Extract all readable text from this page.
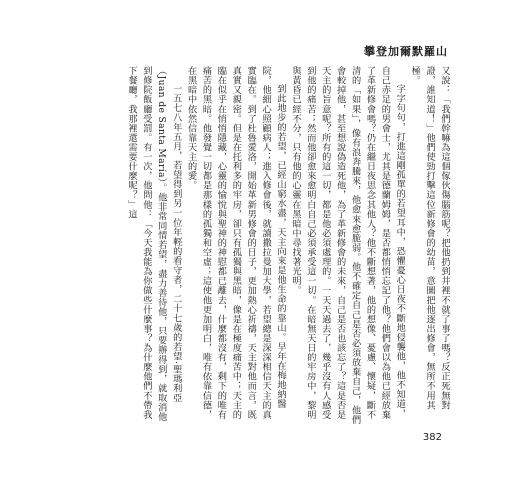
攀登加爾默羅山

又說：「我們幹嘛為這個傢伙傷腦筋呢？把他扔到井裡不就了事了嗎？反正死無對證，誰知道！」他們使勁打擊這位新修會的幼苗，意圖把他逐出修會，無所不用其極。

字字句句，打進這剛孤單的若望耳中，恐懼憂心日夜不斷地侵襲他，他不知道，自己赤足的男會士，尤其是德蘭姆姆，是否都悄悄忘記了他？他們會以為他已經放棄了革新修會嗎？仍在繼日夜思念其他人？他不斷想著，他的想像、憂慮、懷疑，斷不清的「如果」，像有浪奔騰來，他愈來愈脆弱。他不確定自己是否必須放棄自己，他們會較掉他，甚至想說偽造死他，為了革新修會的未來，自己是否也該忘了？這是否是天主的旨意呢？所有的這一切，都是他必須處理的。一天天過去了，幾乎沒有人感受到他的痛苦；然而他卻愈來愈明白自己必須承受這一切。在暗無天日的牢房中，黎明與黃昏已經不分，只有他的心靈在黑暗中尋找著光明。

到此地步的若望，已經山窮水盡，天主向來是他生命的靠山。早年在梅地納醫院，他細心照顧病人；進入修會後，就讀撒拉曼加大學，若望總是深深相信天主的真實臨在。到了杜魯愛洛，開始革新男修會的日子，更加熱心祈禱，天主對他而言，既真實又親密。但是在托利多的牢房，卻只有孤獨與黑暗，像是在極度痛苦中；天主的臨在似乎在悄悄隱藏，心靈的愉悅與聖神的神慰都已離去，什麼都沒有，剩下的唯有痛苦的黑暗。他發覺一切都是那樣的孤獨和空虛；這使他更加明白，唯有依靠信德，在黑暗中依然信靠天主的愛。

一五七八年五月，若望得到另一位年輕的看守者，二十七歲的若望·聖瑪利亞（Juan de Santa María）。他非常同情若望，盡力善待他，只要辦得到，就取消他到修院飯廳受罰。有一次，他問他：「今天我能為你做些什麼事？為什麼他們不帶我下餐廳，我那裡還需要什麼呢？」這

382
